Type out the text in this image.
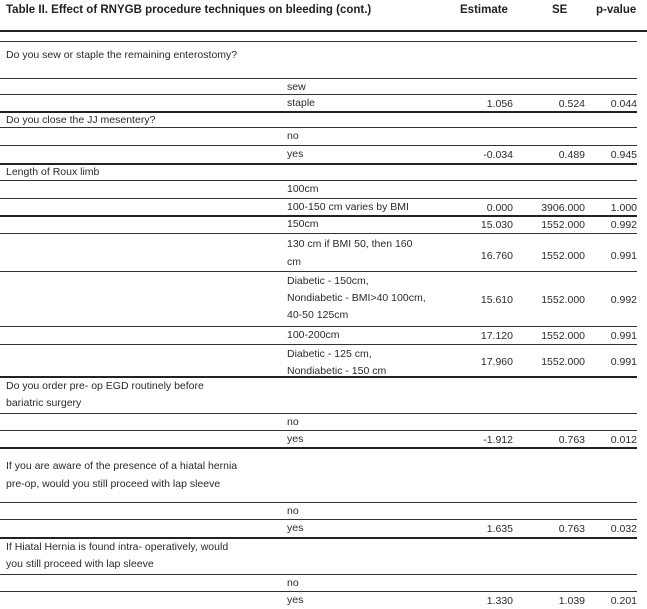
Table II. Effect of RNYGB procedure techniques on bleeding (cont.)	Estimate	SE p-value
Do you sew or staple the remaining enterostomy?
sew
staple	1.056	0.524 0.044
Do you close the JJ mesentery?
no
yes	-0.034	0.489 0.945
Length of Roux limb
100cm
100-150 cm varies by BMI	0.000	3906.000 1.000
150cm	15.030	1552.000 0.992
130 cm if BMI 50, then 160
cm	16.760	1552.000 0.991
Diabetic - 150cm,
Nondiabetic - BMI>40 100cm,
40-50 125cm
15.610	1552.000 0.992
100-200cm	17.120	1552.000 0.991
Diabetic - 125 cm,
Nondiabetic - 150 cm
17.960	1552.000 0.991
Do you order pre- op EGD routinely before
bariatric surgery
no
yes	-1.912	0.763 0.012
If you are aware of the presence of a hiatal hernia
pre-op, would you still proceed with lap sleeve
no
yes	1.635	0.763 0.032
If Hiatal Hernia is found intra- operatively, would
you still proceed with lap sleeve
no
yes	1.330	1.039 0.201
